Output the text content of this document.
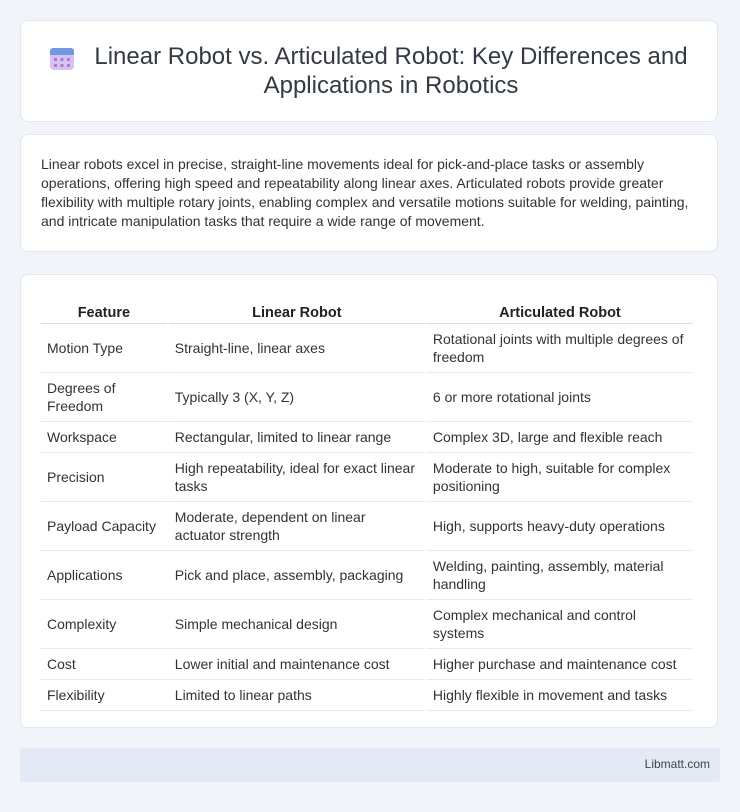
Linear Robot vs. Articulated Robot: Key Differences and Applications in Robotics

Linear robots excel in precise, straight-line movements ideal for pick-and-place tasks or assembly operations, offering high speed and repeatability along linear axes. Articulated robots provide greater flexibility with multiple rotary joints, enabling complex and versatile motions suitable for welding, painting, and intricate manipulation tasks that require a wide range of movement.

Feature	Linear Robot	Articulated Robot
Motion Type	Straight-line, linear axes	Rotational joints with multiple degrees of freedom
Degrees of Freedom	Typically 3 (X, Y, Z)	6 or more rotational joints
Workspace	Rectangular, limited to linear range	Complex 3D, large and flexible reach
Precision	High repeatability, ideal for exact linear tasks	Moderate to high, suitable for complex positioning
Payload Capacity	Moderate, dependent on linear actuator strength	High, supports heavy-duty operations
Applications	Pick and place, assembly, packaging	Welding, painting, assembly, material handling
Complexity	Simple mechanical design	Complex mechanical and control systems
Cost	Lower initial and maintenance cost	Higher purchase and maintenance cost
Flexibility	Limited to linear paths	Highly flexible in movement and tasks
Libmatt.com
